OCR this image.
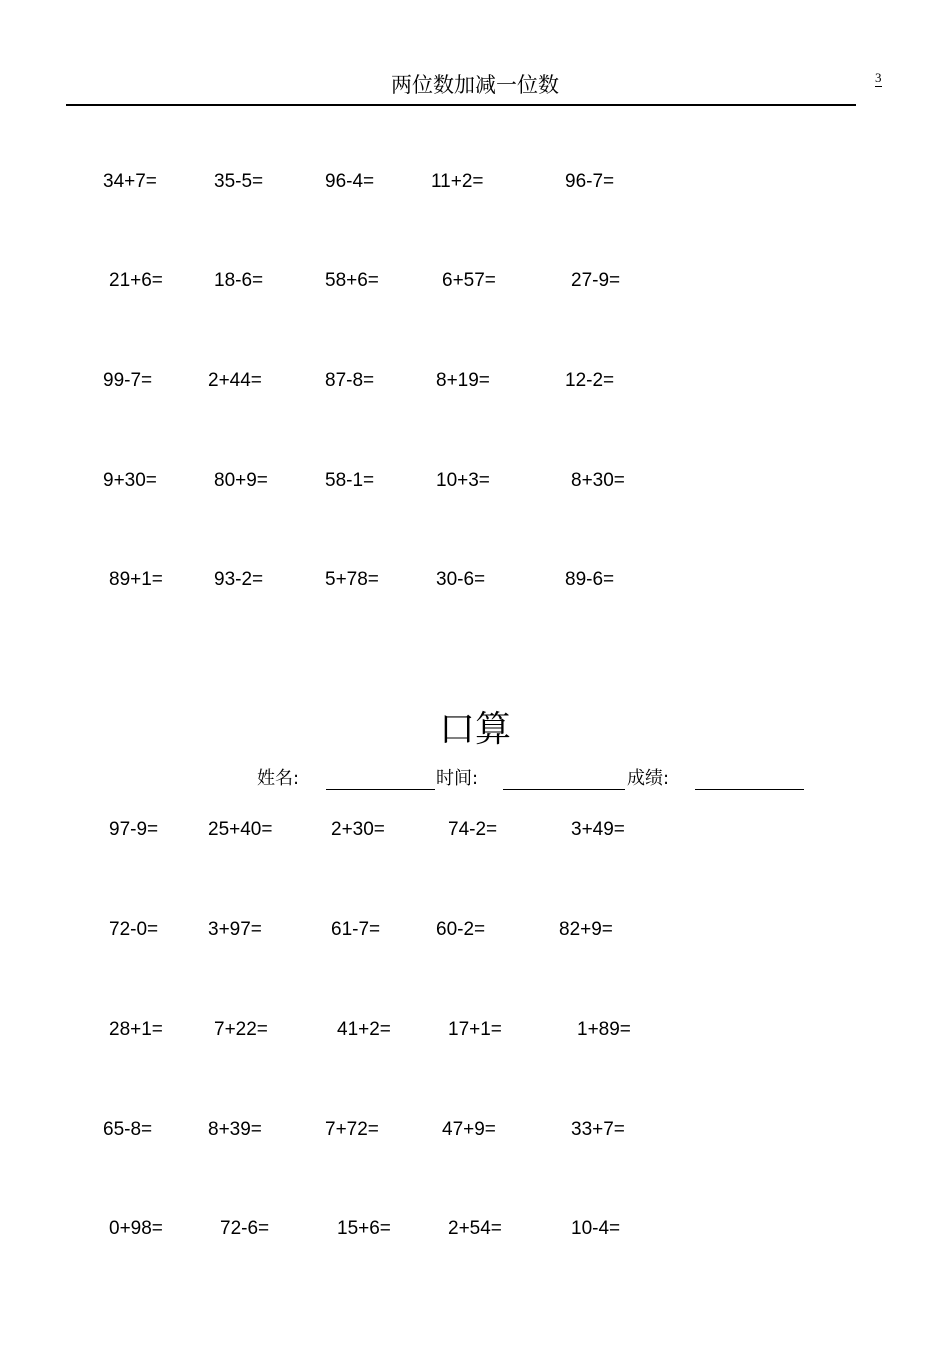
两位数加减一位数	3
34+7=	35-5=	96-4=	11+2=	96-7=
21+6=	18-6=	58+6=	6+57=	27-9=
99-7=	2+44=	87-8=	8+19=	12-2=
9+30=	80+9=	58-1=	10+3=	8+30=
89+1=	93-2=	5+78=	30-6=	89-6=
口算
姓名:	时间:	成绩:
97-9=	25+40=	2+30=	74-2=	3+49=
72-0=	3+97=	61-7=	60-2=	82+9=
28+1=	7+22=	41+2=	17+1=	1+89=
65-8=	8+39=	7+72=	47+9=	33+7=
0+98=	72-6=	15+6=	2+54=	10-4=
